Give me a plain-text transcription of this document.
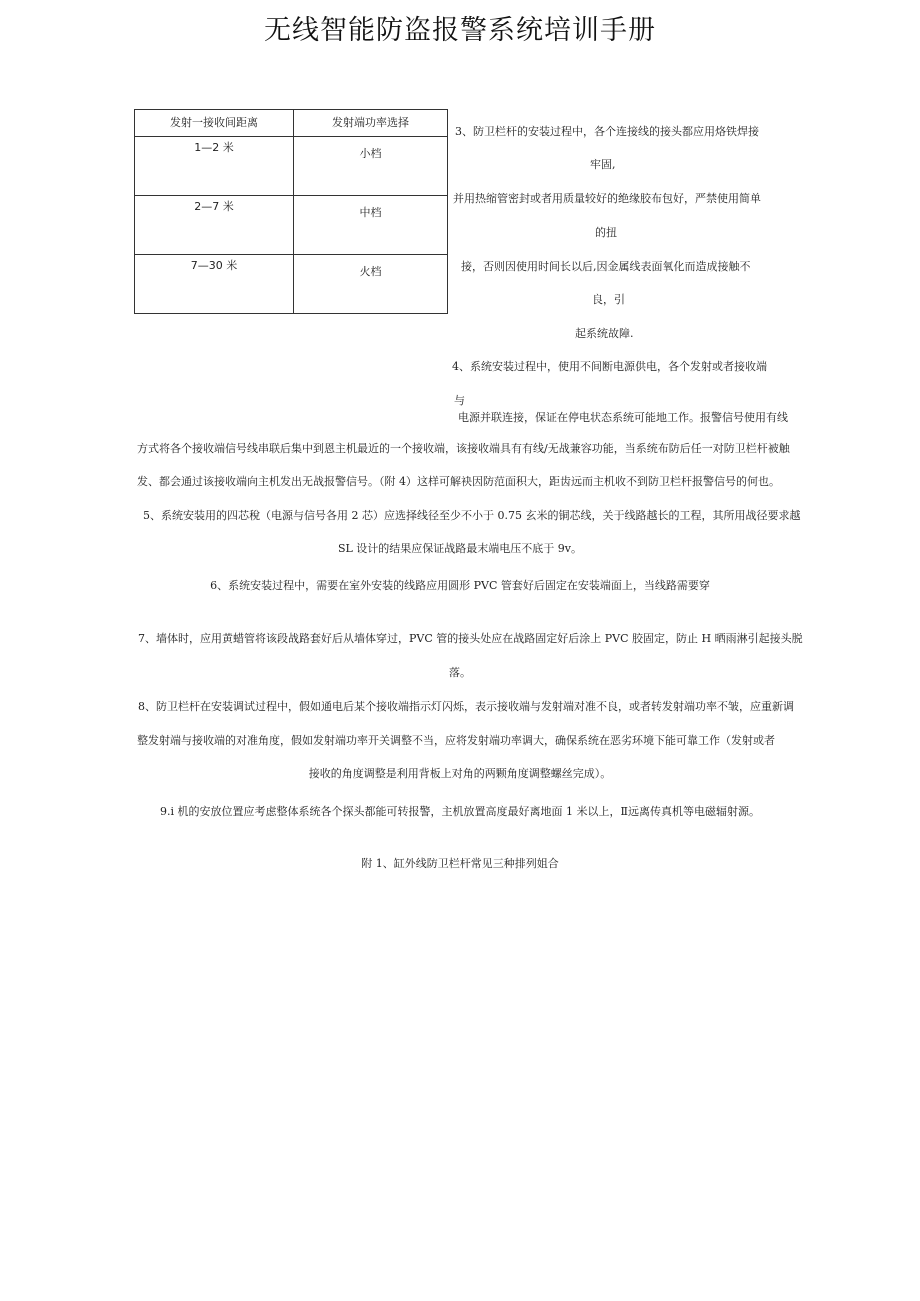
无线智能防盗报警系统培训手册
发射一接收间距离	发射端功率选择
1—2 米	小档
2—7 米	中档
7—30 米	火档

3、防卫栏杆的安装过程中，各个连接线的接头都应用烙铁焊接

牢固,

并用热缩管密封或者用质量较好的绝缘胶布包好，严禁使用简单

的扭

接，否则因使用时间长以后,因金属线表面氧化而造成接触不

良，引

起系统故障.

4、系统安装过程中，使用不间断电源供电，各个发射或者接收端

与

电源并联连接，保证在停电状态系统可能地工作。报警信号使用有线

方式将各个接收端信号线串联后集中到恩主机最近的一个接收端，该接收端具有有线/无战兼容功能，当系统布防后任一对防卫栏杆被触

发、都会通过该接收端向主机发出无战报警信号。（附 4）这样可解袂因防范面积大，距齿远而主机收不到防卫栏杆报警信号的何也。

5、系统安装用的四芯稅（电源与信号各用 2 芯）应选择线径至少不小于 0.75 玄米的铜芯线，关于线路越长的工程，其所用战径要求越

SL 设计的结果应保证战路最末端电压不底于 9v。

6、系统安装过程中，需要在室外安装的线路应用圆形 PVC 管套好后固定在安装端面上，当线路需要穿

7、墙体时，应用黄蜡管将该段战路套好后从墙体穿过，PVC 管的接头处应在战路固定好后涂上 PVC 胶固定，防止 H 晒雨淋引起接头脱

落。

8、防卫栏杆在安装调试过程中，假如通电后某个接收端指示灯闪烁，表示接收端与发射端对准不良，或者转发射端功率不皱，应重新调

整发射端与接收端的对准角度，假如发射端功率开关调整不当，应将发射端功率调大，确保系统在恶劣环境下能可靠工作（发射或者

接收的角度调整是利用背板上对角的两颗角度调整螺丝完成）。

9.i 机的安放位置应考虑整体系统各个探头都能可转报警，主机放置高度最好离地面 1 米以上，Ⅱ远离传真机等电磁辐射源。

附 1、缸外线防卫栏杆常见三种排列姐合
